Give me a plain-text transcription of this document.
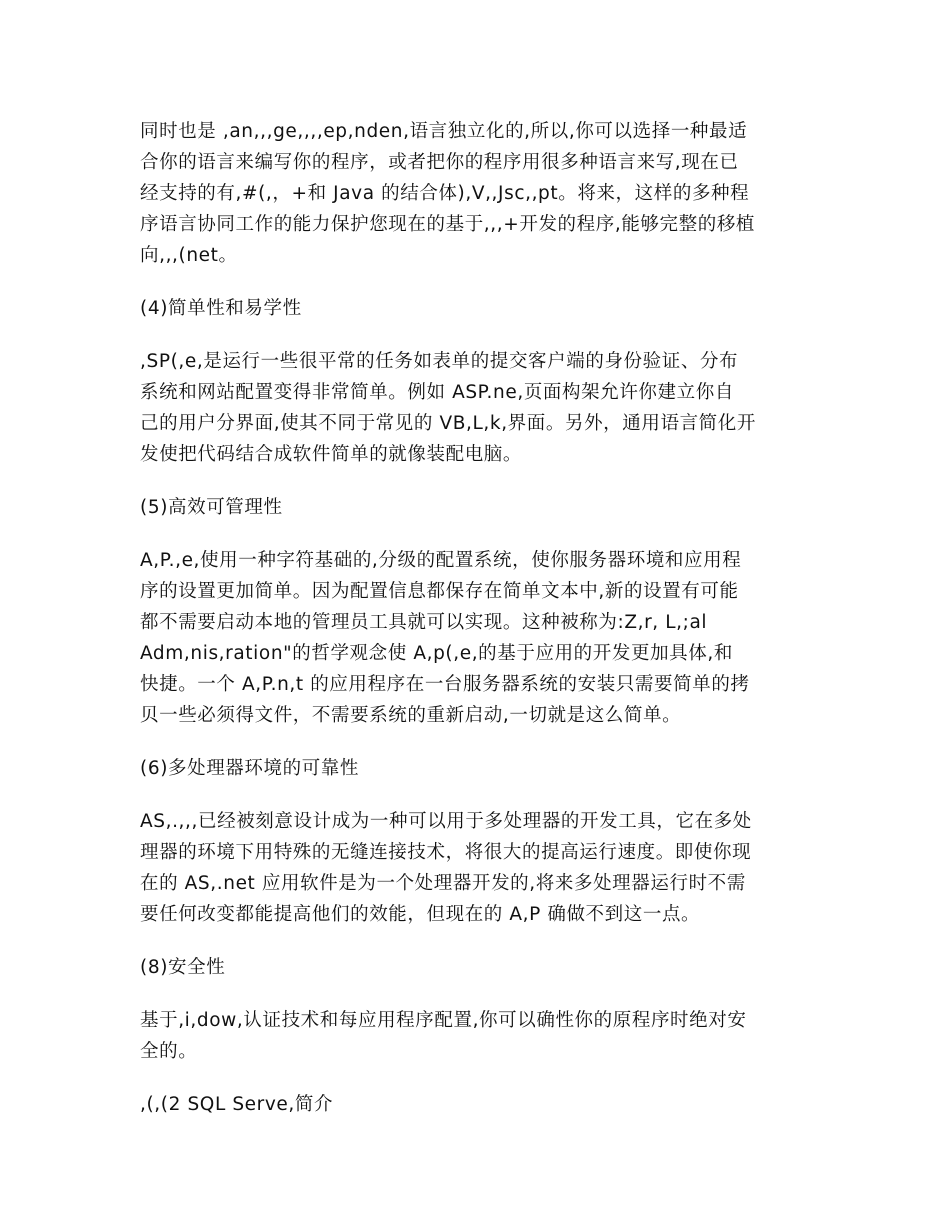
同时也是 ,an,,,ge,,,,ep,nden,语言独立化的,所以,你可以选择一种最适
合你的语言来编写你的程序，或者把你的程序用很多种语言来写,现在已
经支持的有,#(,，+和 Java 的结合体),V,,Jsc,,pt。将来，这样的多种程
序语言协同工作的能力保护您现在的基于,,,+开发的程序,能够完整的移植
向,,,(net。

(4)简单性和易学性

,SP(,e,是运行一些很平常的任务如表单的提交客户端的身份验证、分布
系统和网站配置变得非常简单。例如 ASP.ne,页面构架允许你建立你自
己的用户分界面,使其不同于常见的 VB,L,k,界面。另外，通用语言简化开
发使把代码结合成软件简单的就像装配电脑。

(5)高效可管理性

A,P.,e,使用一种字符基础的,分级的配置系统，使你服务器环境和应用程
序的设置更加简单。因为配置信息都保存在简单文本中,新的设置有可能
都不需要启动本地的管理员工具就可以实现。这种被称为:Z,r, L,;al
Adm,nis,ration"的哲学观念使 A,p(,e,的基于应用的开发更加具体,和
快捷。一个 A,P.n,t 的应用程序在一台服务器系统的安装只需要简单的拷
贝一些必须得文件，不需要系统的重新启动,一切就是这么简单。

(6)多处理器环境的可靠性

AS,.,,,已经被刻意设计成为一种可以用于多处理器的开发工具，它在多处
理器的环境下用特殊的无缝连接技术，将很大的提高运行速度。即使你现
在的 AS,.net 应用软件是为一个处理器开发的,将来多处理器运行时不需
要任何改变都能提高他们的效能，但现在的 A,P 确做不到这一点。

(8)安全性

基于,i,dow,认证技术和每应用程序配置,你可以确性你的原程序时绝对安
全的。

,(,(2 SQL Serve,简介
